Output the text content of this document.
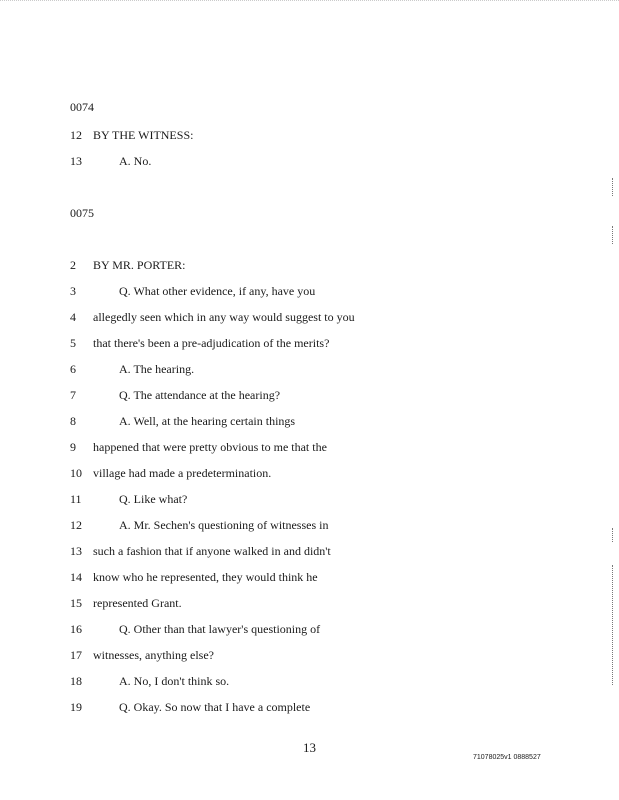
0074
12 BY THE WITNESS:
13	A. No.
0075
2 BY MR. PORTER:
3	Q. What other evidence, if any, have you
4 allegedly seen which in any way would suggest to you
5 that there's been a pre-adjudication of the merits?
6	A. The hearing.
7	Q. The attendance at the hearing?
8	A. Well, at the hearing certain things
9 happened that were pretty obvious to me that the
10 village had made a predetermination.
11	Q. Like what?
12	A. Mr. Sechen's questioning of witnesses in
13 such a fashion that if anyone walked in and didn't
14 know who he represented, they would think he
15 represented Grant.
16	Q. Other than that lawyer's questioning of
17 witnesses, anything else?
18	A. No, I don't think so.
19	Q. Okay. So now that I have a complete
13
71078025v1 0888527
